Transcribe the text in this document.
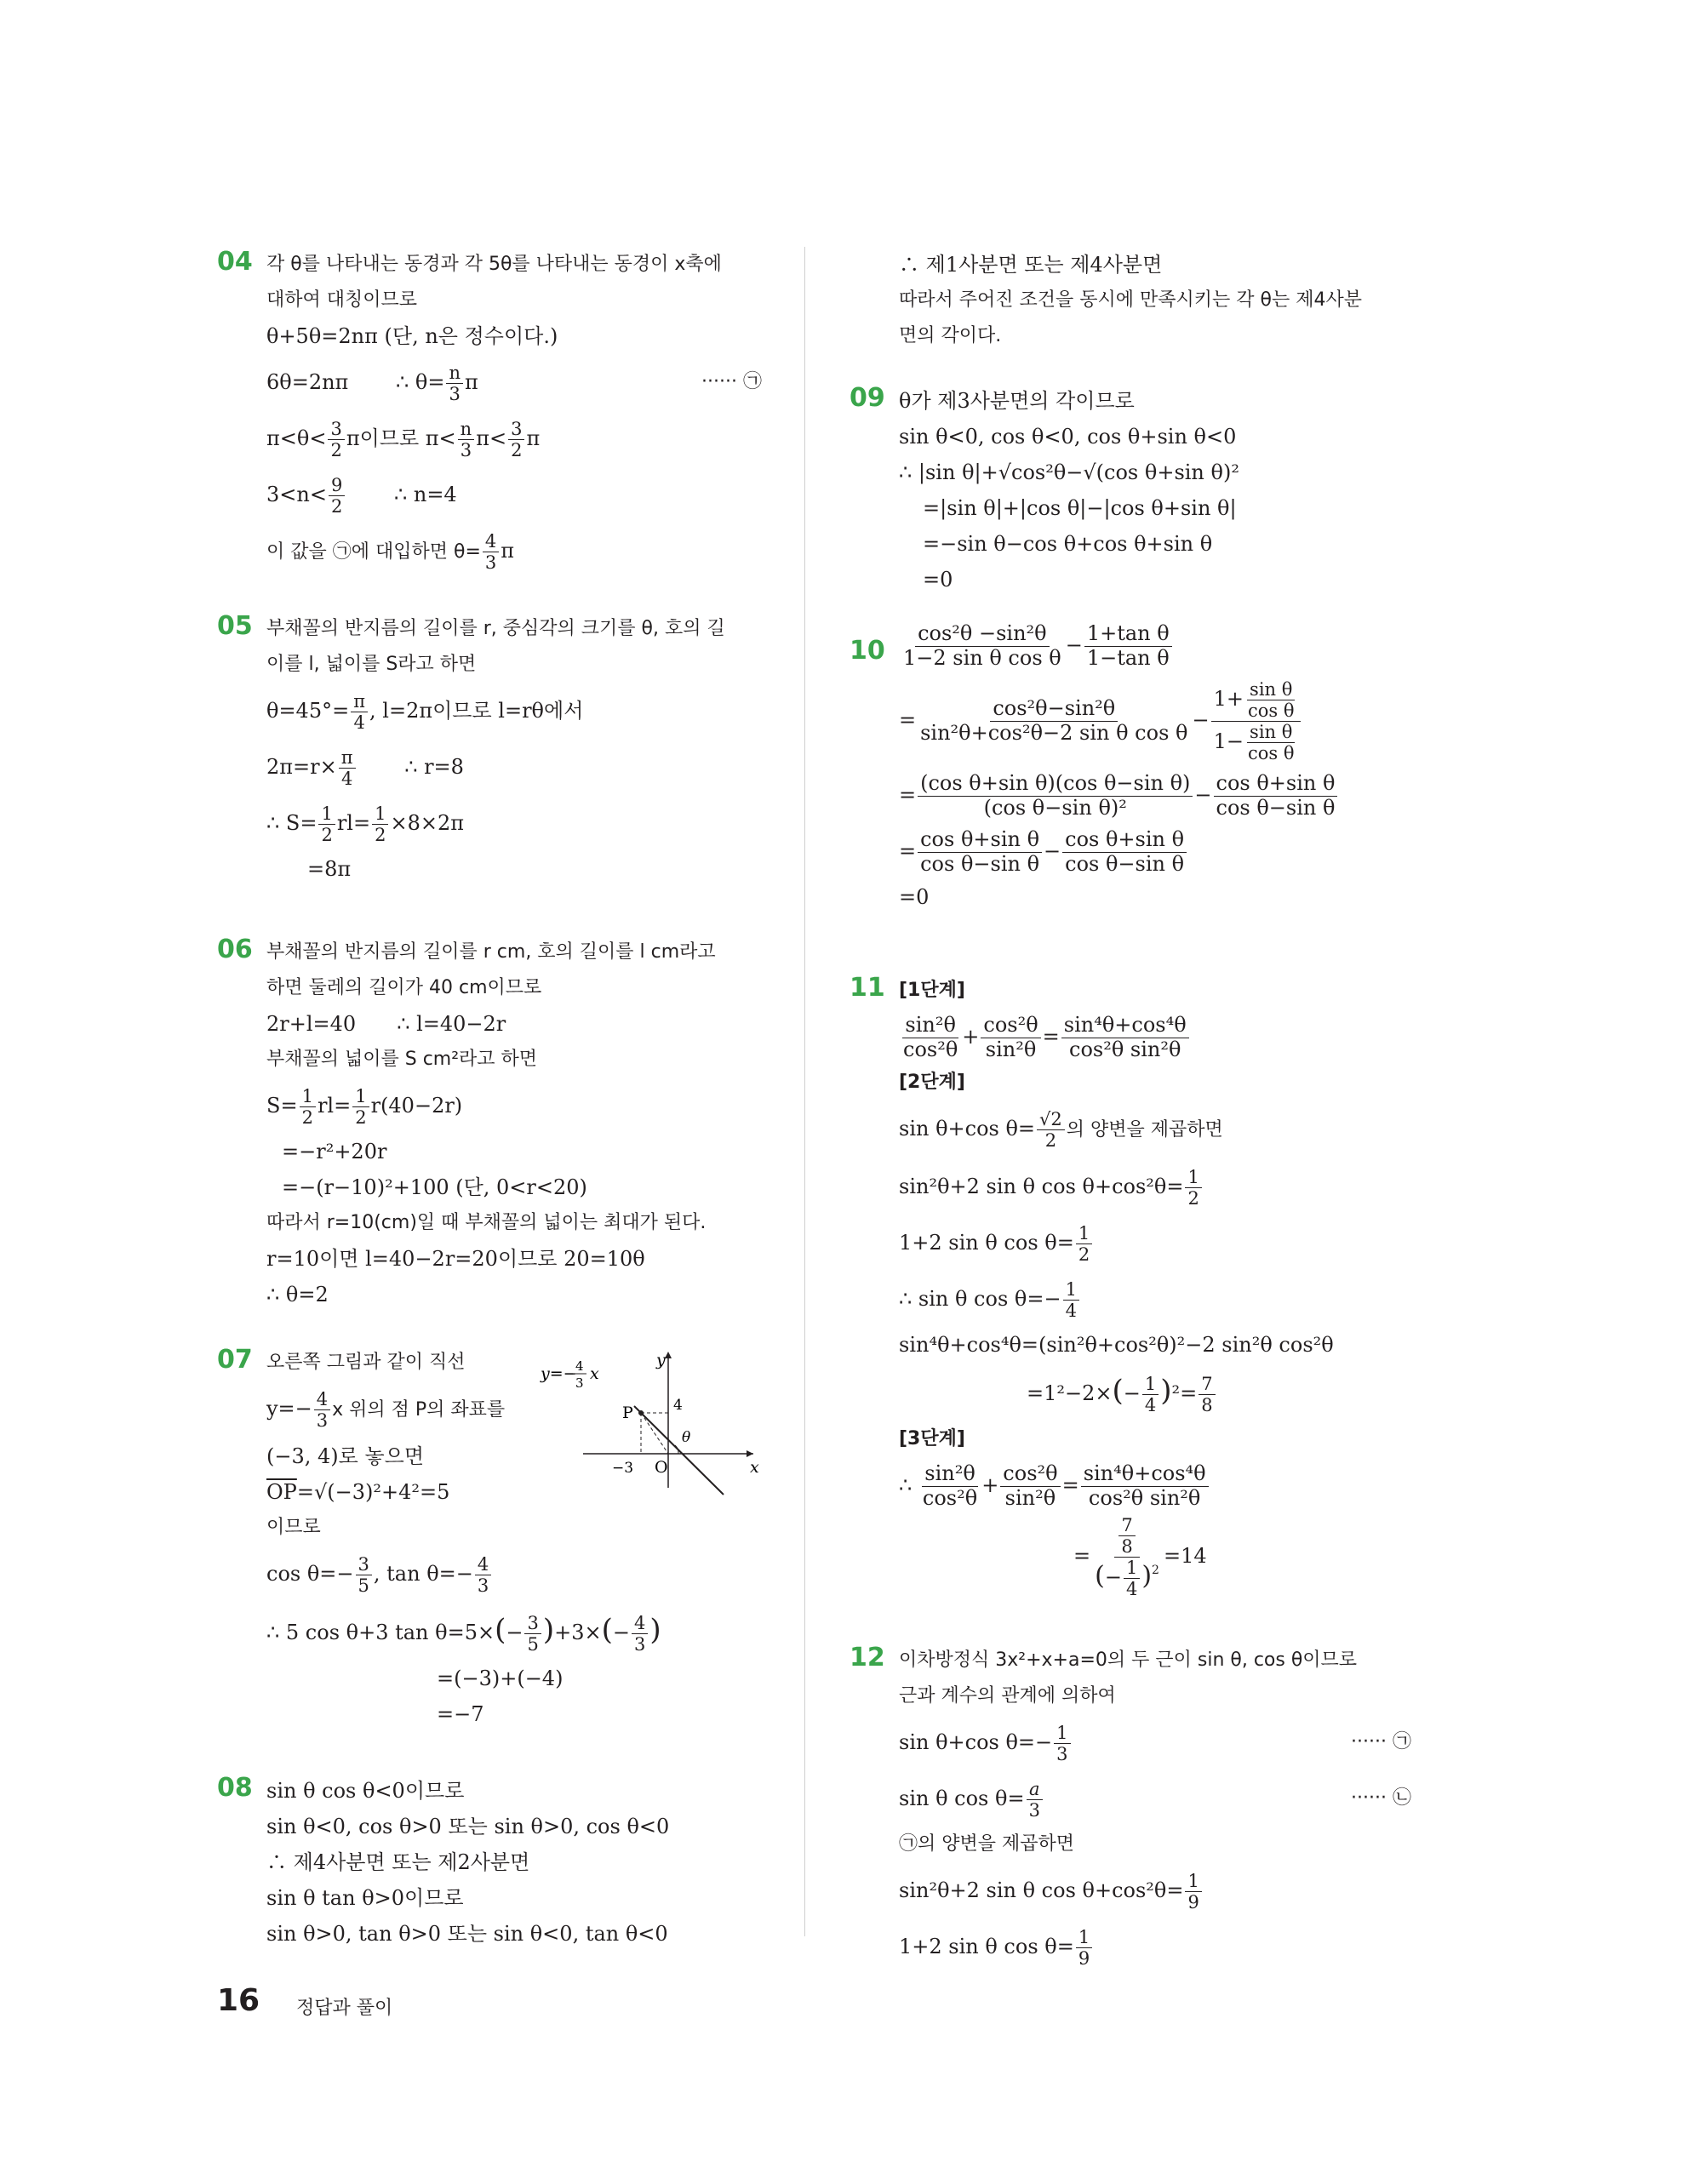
04 각 θ를 나타내는 동경과 각 5θ를 나타내는 동경이 x축에
대하여 대칭이므로
θ+5θ=2nπ (단, n은 정수이다.)
6θ=2nπ ∴ $\theta= \frac{n}{3}$ π	······ ㉠
$\pi<\theta< \frac{3}{2}$ π이므로 $\pi< \frac{n}{3} \pi< \frac{3}{2}$ π
$3<n< \frac{9}{2}$ ∴ n=4
이 값을 ㉠에 대입하면 $\theta= \frac{4}{3}$ π
05 부채꼴의 반지름의 길이를 r, 중심각의 크기를 θ, 호의 길
이를 l, 넓이를 S라고 하면
$\theta=45^\circ= \frac{\pi}{4}$ , l=2π이므로 l=rθ에서
$2\pi=r\times \frac{\pi}{4}$ ∴ r=8
∴ $S= \frac{1}{2} rl= \frac{1}{2} \times 8\times 2\pi$
=8π
06 부채꼴의 반지름의 길이를 r cm, 호의 길이를 l cm라고
하면 둘레의 길이가 40 cm이므로
2r+l=40 ∴ l=40−2r
부채꼴의 넓이를 S cm²라고 하면
$S= \frac{1}{2} rl= \frac{1}{2} r(40-2r)$
=−r²+20r
=−(r−10)²+100 (단, 0<r<20)
따라서 r=10(cm)일 때 부채꼴의 넓이는 최대가 된다.
r=10이면 l=40−2r=20이므로 20=10θ
∴ θ=2
07 오른쪽 그림과 같이 직선
$y=- \frac{4}{3}$ x 위의 점 P의 좌표를
(−3, 4)로 놓으면
$\overline{OP}=√(-3)^2+4^2=5$
이므로
$\cos \theta=- \frac{3}{5}$ , $\tan \theta=- \frac{4}{3}$
∴ 5 cos θ+3 $\tan \theta=5\times(- \frac{3}{5} )+3\times(- \frac{4}{3}$ )
=(−3)+(−4)
=−7
y=−
4
3 x
y
x
P	4
θ
−3 O
08 sin θ cos θ<0이므로
sin θ<0, cos θ>0 또는 sin θ>0, cos θ<0
∴ 제4사분면 또는 제2사분면
sin θ tan θ>0이므로
sin θ>0, tan θ>0 또는 sin θ<0, tan θ<0
∴ 제1사분면 또는 제4사분면
따라서 주어진 조건을 동시에 만족시키는 각 θ는 제4사분
면의 각이다.
09 θ가 제3사분면의 각이므로
sin θ<0, cos θ<0, cos θ+sin θ<0
∴ |sin θ|+√cos²θ−√(cos θ+sin θ)²
=|sin θ|+|cos θ|−|cos θ+sin θ|
=−sin θ−cos θ+cos θ+sin θ
=0
$10 \frac{\text{cos²θ −sin²θ}}{\text{1−2 sin θ cos θ}} - \frac{\text{1+tan θ}}{\text{1−tan θ}}$
= $\frac{\text{cos²θ−sin²θ}}{\text{sin²θ+cos²θ−2 sin θ cos θ}} - \frac{1+ \frac{\text{sin θ}}{\text{cos θ}}}{1- \frac{\text{sin θ}}{\text{cos θ}}}$
= $\frac{\text{(cos θ+sin θ)(cos θ−sin θ)}}{\text{(cos θ−sin θ)²}} - \frac{\text{cos θ+sin θ}}{\text{cos θ−sin θ}}$
= $\frac{\text{cos θ+sin θ}}{\text{cos θ−sin θ}} - \frac{\text{cos θ+sin θ}}{\text{cos θ−sin θ}}$
=0
11 [1단계]
$\frac{\text{sin²θ}}{\text{cos²θ}} + \frac{\text{cos²θ}}{\text{sin²θ}} = \frac{\text{sin⁴θ+cos⁴θ}}{\text{cos²θ sin²θ}}$
[2단계]
sin θ+cos $\theta= \frac{√2}{2}$ 의 양변을 제곱하면
sin²θ+2 sin θ $\cos \theta+\cos^2\theta= \frac{1}{2}$
1+2 sin θ $\cos \theta= \frac{1}{2}$
∴ sin θ $\cos \theta=- \frac{1}{4}$
sin⁴θ+cos⁴θ=(sin²θ+cos²θ)²−2 sin²θ cos²θ
$=1^2-2\times(- \frac{1}{4} )^2= \frac{7}{8}$
[3단계]
∴ $\frac{\text{sin²θ}}{\text{cos²θ}} + \frac{\text{cos²θ}}{\text{sin²θ}} = \frac{\text{sin⁴θ+cos⁴θ}}{\text{cos²θ sin²θ}}$
= $\frac{\frac{7}{8}}{(- \frac{1}{4} )^2} =14$
12 이차방정식 3x²+x+a=0의 두 근이 sin θ, cos θ이므로
근과 계수의 관계에 의하여
sin θ+cos $\theta=- \frac{1}{3}$	······ ㉠
sin θ $\cos \theta= \frac{a}{3}$	······ ㉡
㉠의 양변을 제곱하면
sin²θ+2 sin θ $\cos \theta+\cos^2\theta= \frac{1}{9}$
1+2 sin θ $\cos \theta= \frac{1}{9}$
16 정답과 풀이
